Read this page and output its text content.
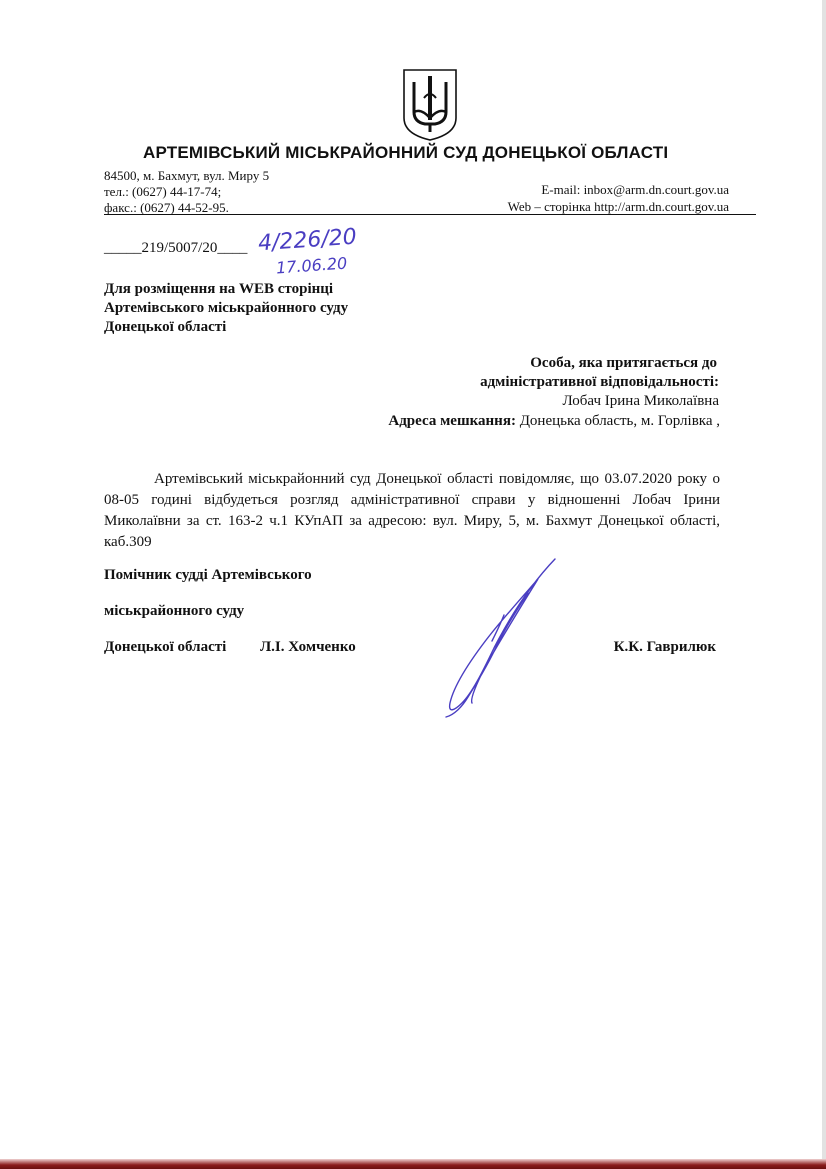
АРТЕМІВСЬКИЙ МІСЬКРАЙОННИЙ СУД ДОНЕЦЬКОЇ ОБЛАСТІ
84500, м. Бахмут, вул. Миру 5
тел.: (0627) 44-17-74;
факс.: (0627) 44-52-95.
E-mail: inbox@arm.dn.court.gov.ua
Web – сторінка http://arm.dn.court.gov.ua
_____219/5007/20____ 4/226/20
17.06.20
Для розміщення на WEB сторінці
Артемівського міськрайонного суду
Донецької області
Особа, яка притягається до
адміністративної відповідальності:
Лобач Ірина Миколаївна
Адреса мешкання: Донецька область, м. Горлівка ,
Артемівський міськрайонний суд Донецької області повідомляє, що 03.07.2020 року о 08-05 годині відбудеться розгляд адміністративної справи у відношенні Лобач Ірини Миколаївни за ст. 163-2 ч.1 КУпАП за адресою: вул. Миру, 5, м. Бахмут Донецької області, каб.309
Помічник судді Артемівського
міськрайонного суду
Донецької області Л.І. Хомченко	К.К. Гаврилюк
